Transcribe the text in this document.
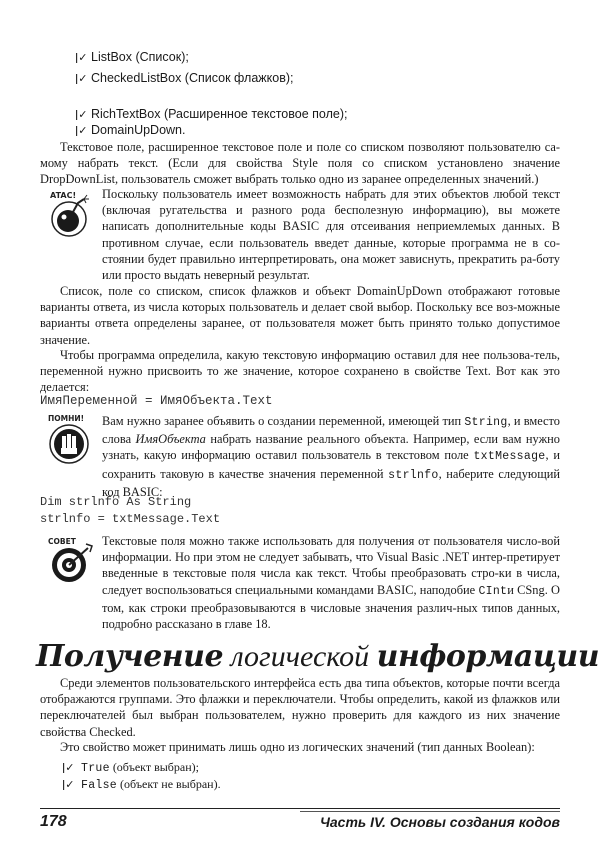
ǀ✓ ListBox (Список);
ǀ✓ CheckedListBox (Список флажков);
ǀ✓ RichTextBox (Расширенное текстовое поле);
ǀ✓ DomainUpDown.
Текстовое поле, расширенное текстовое поле и поле со списком позволяют пользователю са-мому набрать текст. (Если для свойства Style поля со списком установлено значение DropDownList, пользователь сможет выбрать только одно из заранее определенных значений.)
ATAC! Поскольку пользователь имеет возможность набрать для этих объектов любой текст (включая ругательства и разного рода бесполезную информацию), вы можете написать дополнительные коды BASIC для отсеивания неприемлемых данных. В противном случае, если пользователь введет данные, которые программа не в со-стоянии будет правильно интерпретировать, она может зависнуть, прекратить ра-боту или просто выдать неверный результат.
Список, поле со списком, список флажков и объект DomainUpDown отображают готовые варианты ответа, из числа которых пользователь и делает свой выбор. Поскольку все воз-можные варианты ответа определены заранее, от пользователя может быть принято только допустимое значение.
Чтобы программа определила, какую текстовую информацию оставил для нее пользова-тель, переменной нужно присвоить то же значение, которое сохранено в свойстве Text. Вот как это делается:
ИмяПеременной = ИмяОбъекта.Text
ПОМНИ! Вам нужно заранее объявить о создании переменной, имеющей тип String, и вместо слова ИмяОбъекта набрать название реального объекта. Например, если вам нужно узнать, какую информацию оставил пользователь в текстовом поле txtMessage, и сохранить таковую в качестве значения переменной strlnfo, наберите следующий код BASIC:
Dim strlnfo As String
strlnfo = txtMessage.Text
СОВЕТ Текстовые поля можно также использовать для получения от пользователя число-вой информации. Но при этом не следует забывать, что Visual Basic .NET интер-претирует введенные в текстовые поля числа как текст. Чтобы преобразовать стро-ки в числа, следует воспользоваться специальными командами BASIC, наподобие CIntи CSng. О том, как строки преобразовываются в числовые значения различ-ных типов данных, подробно рассказано в главе 18.
Получение логической информации
Среди элементов пользовательского интерфейса есть два типа объектов, которые почти всегда отображаются группами. Это флажки и переключатели. Чтобы определить, какой из флажков или переключателей был выбран пользователем, нужно проверить для каждого из них значение свойства Checked.
Это свойство может принимать лишь одно из логических значений (тип данных Boolean):
ǀ✓ True (объект выбран);
ǀ✓ False (объект не выбран).
178	Часть IV. Основы создания кодов
